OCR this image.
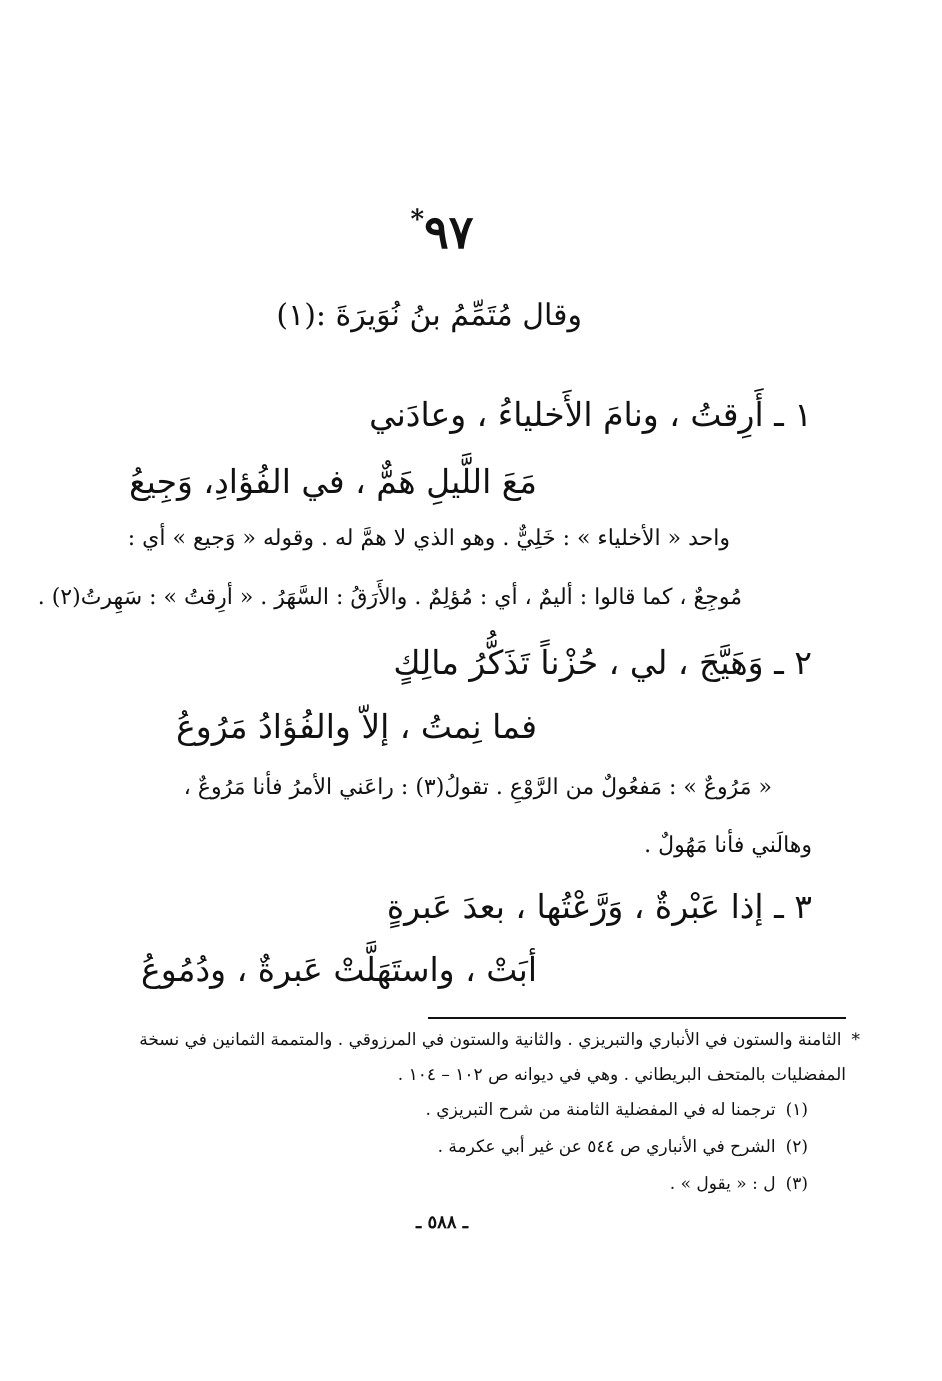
٩٧*
وقال مُتَمِّمُ بنُ نُوَيرَةَ :(١)
١ ـ أَرِقتُ ، ونامَ الأَخلياءُ ، وعادَني
مَعَ اللَّيلِ هَمٌّ ، في الفُؤادِ، وَجِيعُ
واحد « الأخلياء » : خَلِيٌّ . وهو الذي لا همَّ له . وقوله « وَجيع » أي :
مُوجِعٌ ، كما قالوا : أليمٌ ، أي : مُؤلِمٌ . والأَرَقُ : السَّهَرُ . « أرِقتُ » : سَهِرتُ(٢) .
٢ ـ وَهَيَّجَ ، لي ، حُزْناً تَذَكُّرُ مالِكٍ
فما نِمتُ ، إلاّ والفُؤادُ مَرُوعُ
« مَرُوعٌ » : مَفعُولٌ من الرَّوْعِ . تقولُ(٣) : راعَني الأمرُ فأنا مَرُوعٌ ،
وهالَني فأنا مَهُولٌ .
٣ ـ إذا عَبْرةٌ ، وَرَّعْتُها ، بعدَ عَبرةٍ
أبَتْ ، واستَهَلَّتْ عَبرةٌ ، ودُمُوعُ
*الثامنة والستون في الأنباري والتبريزي . والثانية والستون في المرزوقي . والمتممة الثمانين في نسخة
المفضليات بالمتحف البريطاني . وهي في ديوانه ص ١٠٢ – ١٠٤ .
(١)ترجمنا له في المفضلية الثامنة من شرح التبريزي .
(٢)الشرح في الأنباري ص ٥٤٤ عن غير أبي عكرمة .
(٣)ل : « يقول » .
ـ ٥٨٨ ـ
